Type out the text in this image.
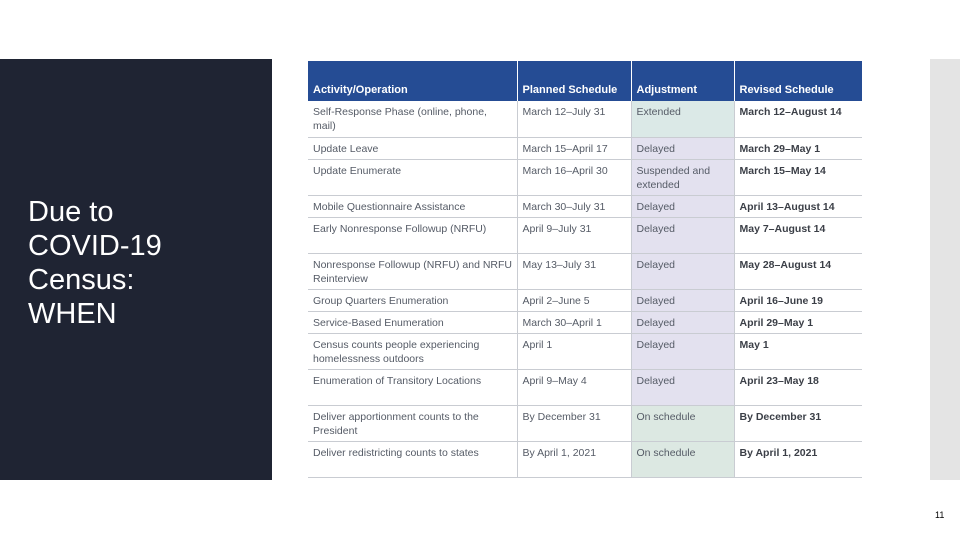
Due to
COVID-19
Census:
WHEN
Activity/Operation	Planned Schedule	Adjustment	Revised Schedule
Self-Response Phase (online, phone, mail)	March 12–July 31	Extended	March 12–August 14
Update Leave	March 15–April 17	Delayed	March 29–May 1
Update Enumerate	March 16–April 30	Suspended and extended	March 15–May 14
Mobile Questionnaire Assistance	March 30–July 31	Delayed	April 13–August 14
Early Nonresponse Followup (NRFU)	April 9–July 31	Delayed	May 7–August 14
Nonresponse Followup (NRFU) and NRFU Reinterview	May 13–July 31	Delayed	May 28–August 14
Group Quarters Enumeration	April 2–June 5	Delayed	April 16–June 19
Service-Based Enumeration	March 30–April 1	Delayed	April 29–May 1
Census counts people experiencing homelessness outdoors	April 1	Delayed	May 1
Enumeration of Transitory Locations	April 9–May 4	Delayed	April 23–May 18
Deliver apportionment counts to the President	By December 31	On schedule	By December 31
Deliver redistricting counts to states	By April 1, 2021	On schedule	By April 1, 2021
11
